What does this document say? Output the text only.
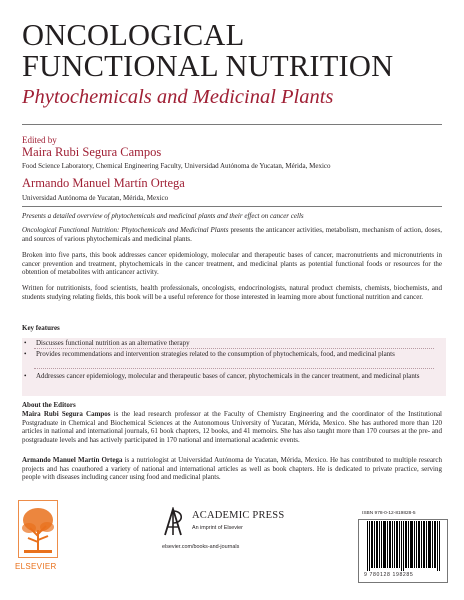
ONCOLOGICAL
FUNCTIONAL NUTRITION
Phytochemicals and Medicinal Plants
Edited by
Maira Rubi Segura Campos
Food Science Laboratory, Chemical Engineering Faculty, Universidad Autónoma de Yucatan, Mérida, Mexico
Armando Manuel Martín Ortega
Universidad Autónoma de Yucatan, Mérida, Mexico
Presents a detailed overview of phytochemicals and medicinal plants and their effect on cancer cells
Oncological Functional Nutrition: Phytochemicals and Medicinal Plants presents the anticancer activities, metabolism, mechanism of action, doses, and sources of various phytochemicals and medicinal plants.
Broken into five parts, this book addresses cancer epidemiology, molecular and therapeutic bases of cancer, macronutrients and micronutrients in cancer prevention and treatment, phytochemicals in the cancer treatment, and medicinal plants as potential functional foods or resources for the obtention of metabolites with anticancer activity.
Written for nutritionists, food scientists, health professionals, oncologists, endocrinologists, natural product chemists, chemists, biochemists, and students studying relating fields, this book will be a useful reference for those interested in learning more about functional nutrition and cancer.
Key features
• Discusses functional nutrition as an alternative therapy
• Provides recommendations and intervention strategies related to the consumption of phytochemicals, food, and medicinal plants
• Addresses cancer epidemiology, molecular and therapeutic bases of cancer, phytochemicals in the cancer treatment, and medicinal plants
About the Editors
Maira Rubi Segura Campos is the lead research professor at the Faculty of Chemistry Engineering and the coordinator of the Institutional Postgraduate in Chemical and Biochemical Sciences at the Autonomous University of Yucatan, Mérida, Mexico. She has authored more than 120 articles in national and international journals, 61 book chapters, 12 books, and 41 memoirs. She has also taught more than 170 courses at the pre- and postgraduate levels and has actively participated in 170 national and international academic events.
Armando Manuel Martín Ortega is a nutriologist at Universidad Autónoma de Yucatan, Mérida, Mexico. He has contributed to multiple research projects and has coauthored a variety of national and international articles as well as book chapters. He is dedicated to private practice, serving people with diseases including cancer using food and medicinal plants.
ELSEVIER
ACADEMIC PRESS
An imprint of Elsevier
elsevier.com/books-and-journals
ISBN 978-0-12-819828-5
9 780128 198285
